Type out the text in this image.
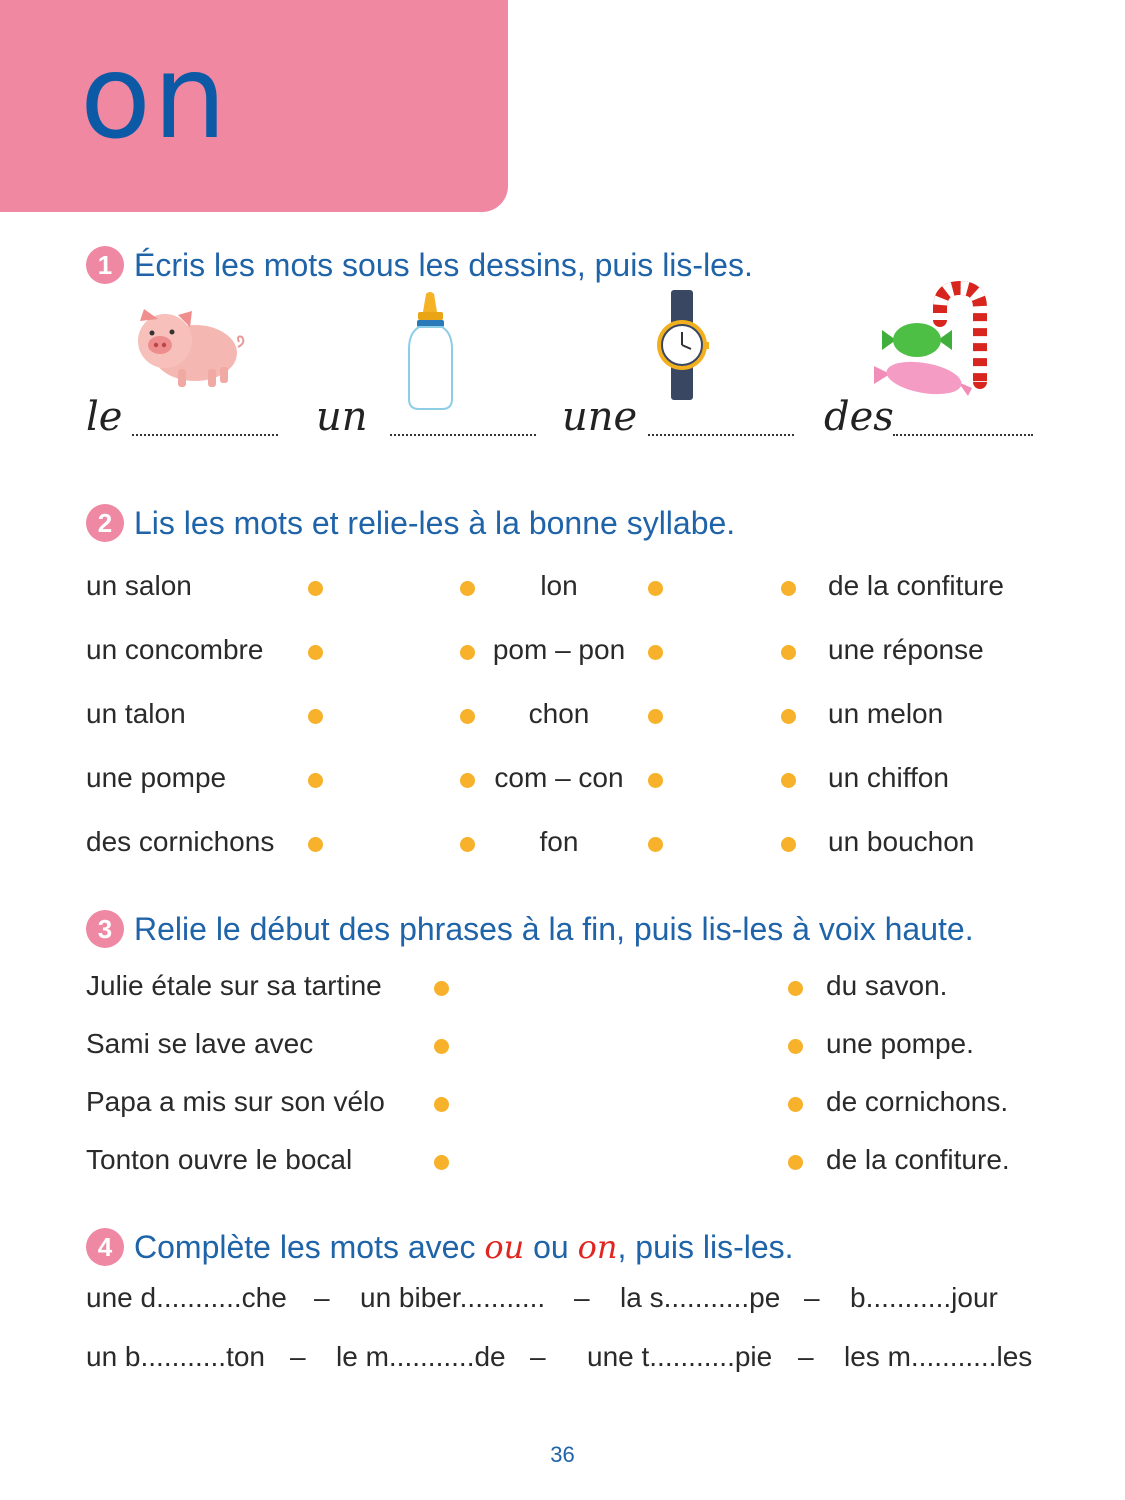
on
1 Écris les mots sous les dessins, puis lis-les.
le	un	une	des
2 Lis les mots et relie-les à la bonne syllabe.
un salon	lon	de la confiture
un concombre	pom – pon	une réponse
un talon	chon	un melon
une pompe	com – con	un chiffon
des cornichons	fon	un bouchon
3 Relie le début des phrases à la fin, puis lis-les à voix haute.
Julie étale sur sa tartine	du savon.
Sami se lave avec	une pompe.
Papa a mis sur son vélo	de cornichons.
Tonton ouvre le bocal	de la confiture.
4 Complète les mots avec ou ou on, puis lis-les.
une d...........che – un biber........... – la s...........pe – b...........jour
un b...........ton – le m...........de – une t...........pie – les m...........les
36
